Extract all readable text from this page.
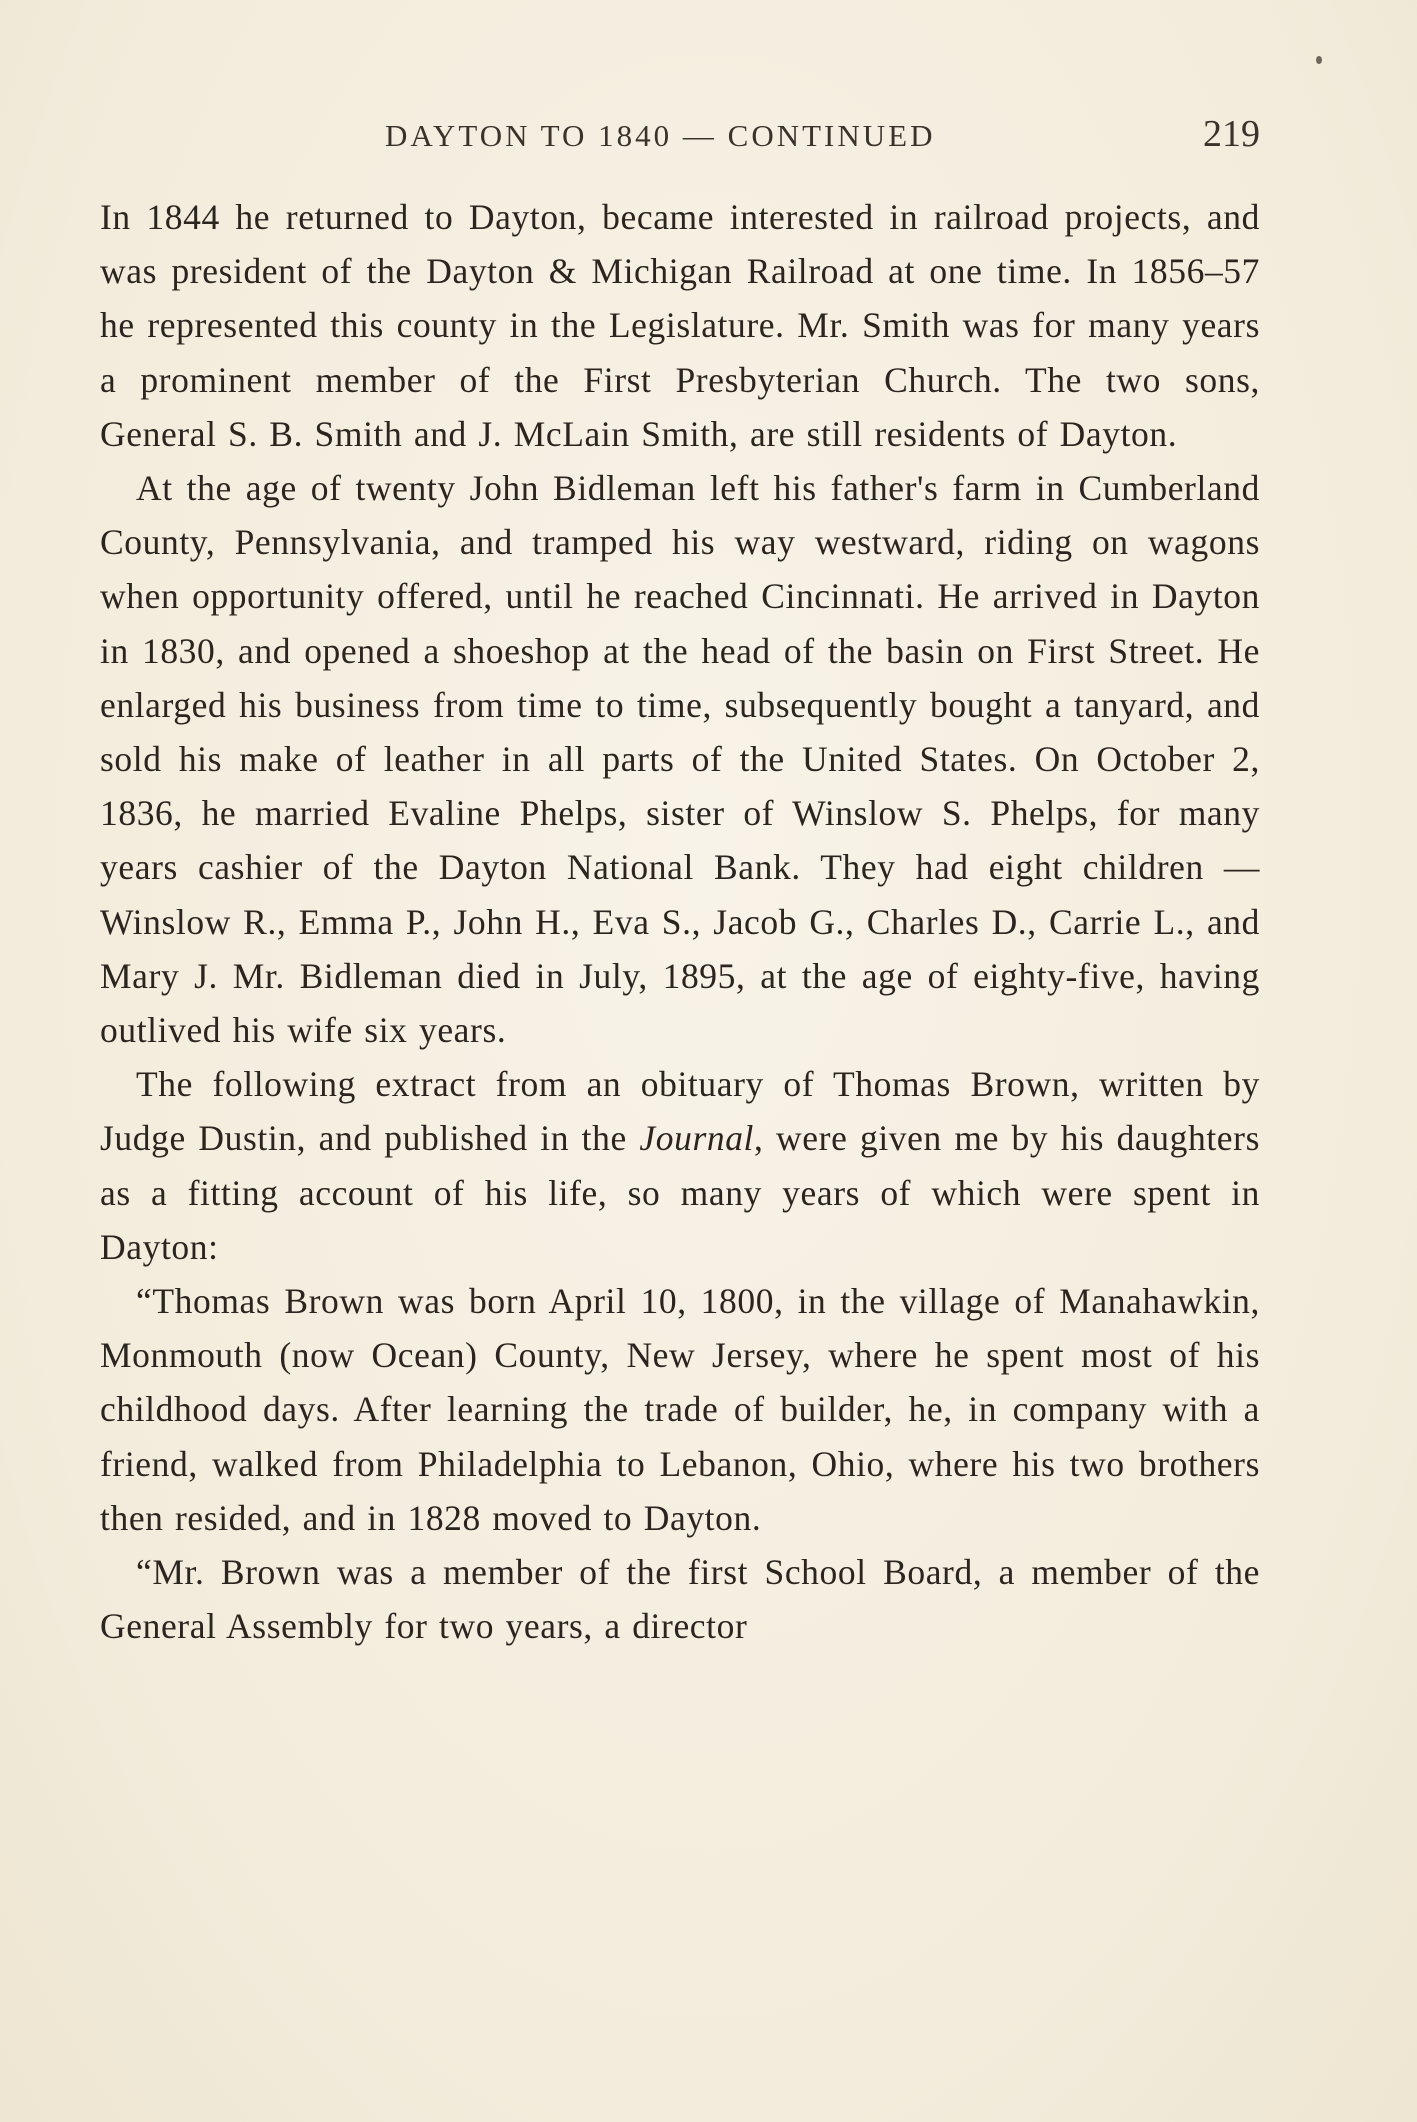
DAYTON TO 1840 — CONTINUED	219

In 1844 he returned to Dayton, became interested in railroad projects, and was president of the Dayton & Michigan Railroad at one time. In 1856–57 he represented this county in the Legislature. Mr. Smith was for many years a prominent member of the First Presbyterian Church. The two sons, General S. B. Smith and J. McLain Smith, are still residents of Dayton.

At the age of twenty John Bidleman left his father's farm in Cumberland County, Pennsylvania, and tramped his way westward, riding on wagons when opportunity offered, until he reached Cincinnati. He arrived in Dayton in 1830, and opened a shoeshop at the head of the basin on First Street. He enlarged his business from time to time, subsequently bought a tanyard, and sold his make of leather in all parts of the United States. On October 2, 1836, he married Evaline Phelps, sister of Winslow S. Phelps, for many years cashier of the Dayton National Bank. They had eight children — Winslow R., Emma P., John H., Eva S., Jacob G., Charles D., Carrie L., and Mary J. Mr. Bidleman died in July, 1895, at the age of eighty-five, having outlived his wife six years.

The following extract from an obituary of Thomas Brown, written by Judge Dustin, and published in the Journal, were given me by his daughters as a fitting account of his life, so many years of which were spent in Dayton:

“Thomas Brown was born April 10, 1800, in the village of Manahawkin, Monmouth (now Ocean) County, New Jersey, where he spent most of his childhood days. After learning the trade of builder, he, in company with a friend, walked from Philadelphia to Lebanon, Ohio, where his two brothers then resided, and in 1828 moved to Dayton.

“Mr. Brown was a member of the first School Board, a member of the General Assembly for two years, a director
